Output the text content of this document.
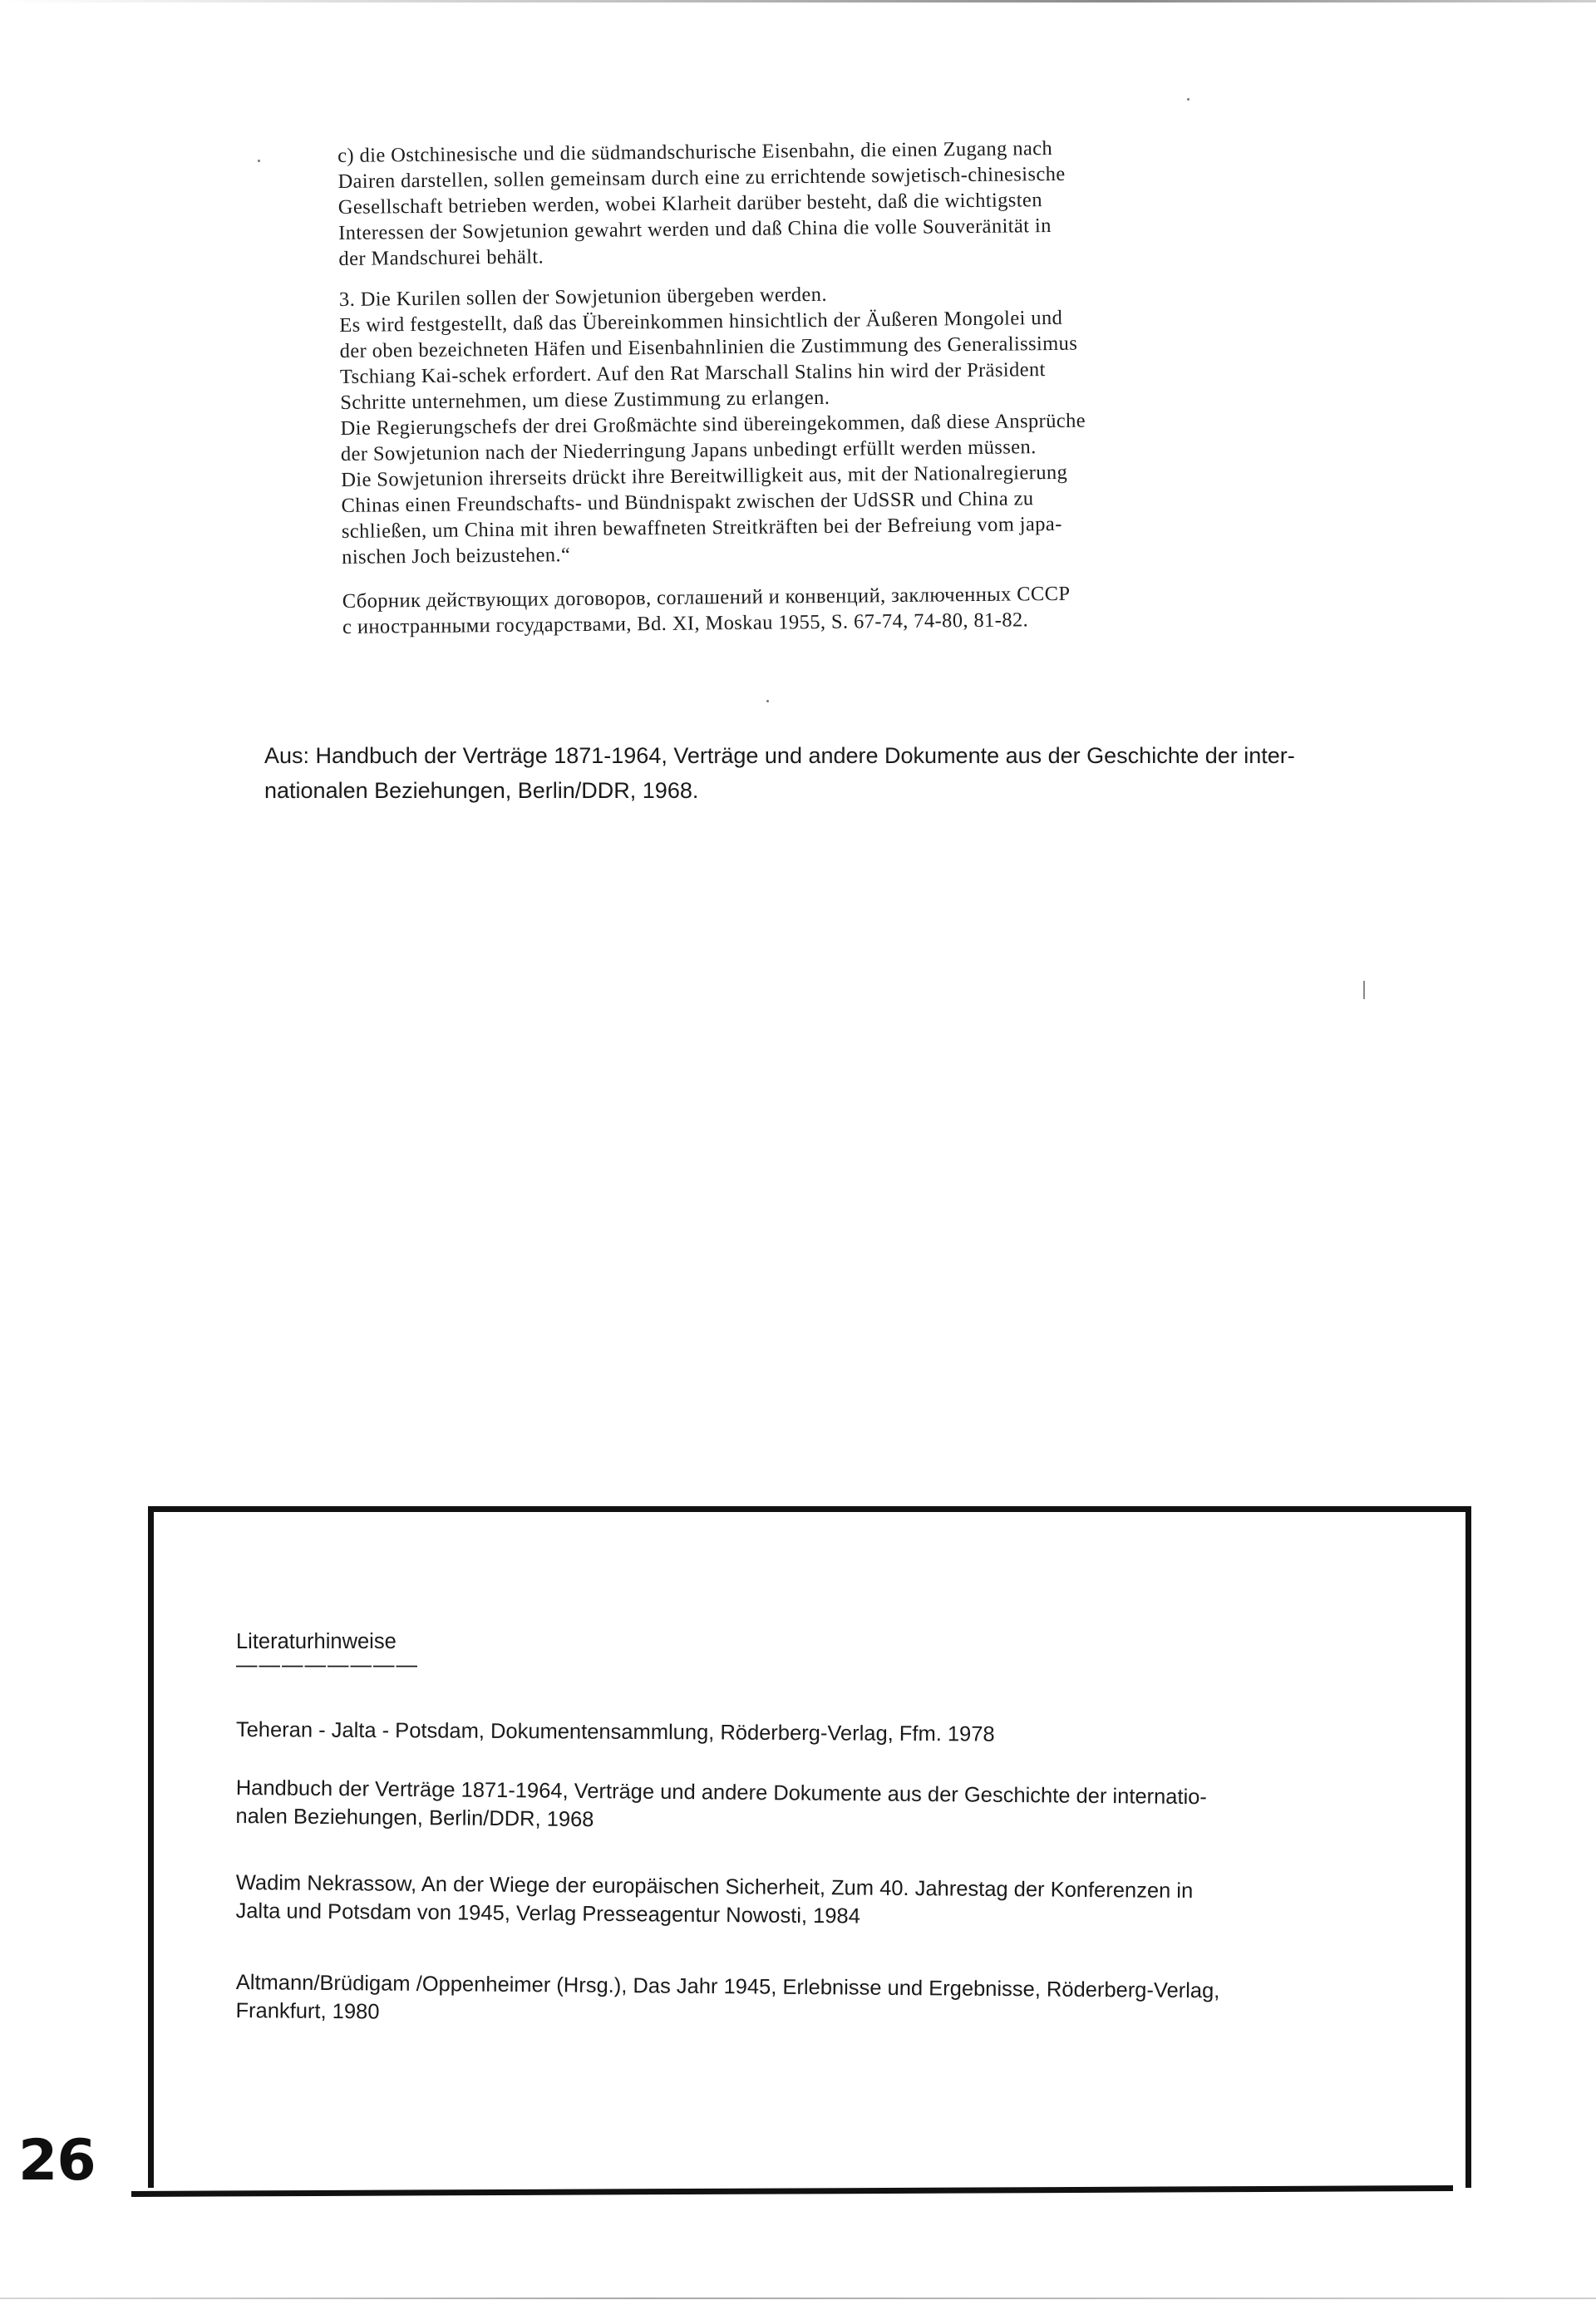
c) die Ostchinesische und die südmandschurische Eisenbahn, die einen Zugang nach

Dairen darstellen, sollen gemeinsam durch eine zu errichtende sowjetisch-chinesische

Gesellschaft betrieben werden, wobei Klarheit darüber besteht, daß die wichtigsten

Interessen der Sowjetunion gewahrt werden und daß China die volle Souveränität in

der Mandschurei behält.

3. Die Kurilen sollen der Sowjetunion übergeben werden.

Es wird festgestellt, daß das Übereinkommen hinsichtlich der Äußeren Mongolei und

der oben bezeichneten Häfen und Eisenbahnlinien die Zustimmung des Generalissimus

Tschiang Kai-schek erfordert. Auf den Rat Marschall Stalins hin wird der Präsident

Schritte unternehmen, um diese Zustimmung zu erlangen.

Die Regierungschefs der drei Großmächte sind übereingekommen, daß diese Ansprüche

der Sowjetunion nach der Niederringung Japans unbedingt erfüllt werden müssen.

Die Sowjetunion ihrerseits drückt ihre Bereitwilligkeit aus, mit der Nationalregierung

Chinas einen Freundschafts- und Bündnispakt zwischen der UdSSR und China zu

schließen, um China mit ihren bewaffneten Streitkräften bei der Befreiung vom japa-

nischen Joch beizustehen.“

Сборник действующих договоров, соглашений и конвенций, заключенных СССР

с иностранными государствами, Bd. XI, Moskau 1955, S. 67-74, 74-80, 81-82.

Aus: Handbuch der Verträge 1871-1964, Verträge und andere Dokumente aus der Geschichte der inter-
nationalen Beziehungen, Berlin/DDR, 1968.

Literaturhinweise

————————

Teheran - Jalta - Potsdam, Dokumentensammlung, Röderberg-Verlag, Ffm. 1978
Handbuch der Verträge 1871-1964, Verträge und andere Dokumente aus der Geschichte der internatio-
nalen Beziehungen, Berlin/DDR, 1968
Wadim Nekrassow, An der Wiege der europäischen Sicherheit, Zum 40. Jahrestag der Konferenzen in
Jalta und Potsdam von 1945, Verlag Presseagentur Nowosti, 1984
Altmann/Brüdigam /Oppenheimer (Hrsg.), Das Jahr 1945, Erlebnisse und Ergebnisse, Röderberg-Verlag,
Frankfurt, 1980
26
